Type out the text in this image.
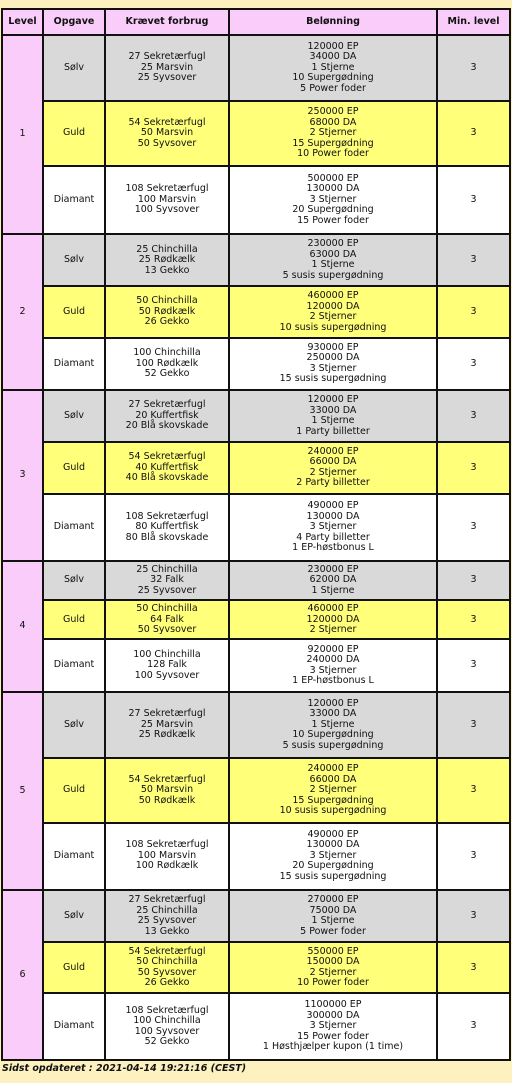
Level	Opgave	Krævet forbrug	Belønning	Min. level
1	Sølv	27 Sekretærfugl
25 Marsvin
25 Syvsover	120000 EP
34000 DA
1 Stjerne
10 Supergødning
5 Power foder	3
	Guld	54 Sekretærfugl
50 Marsvin
50 Syvsover	250000 EP
68000 DA
2 Stjerner
15 Supergødning
10 Power foder	3
	Diamant	108 Sekretærfugl
100 Marsvin
100 Syvsover	500000 EP
130000 DA
3 Stjerner
20 Supergødning
15 Power foder	3
2	Sølv	25 Chinchilla
25 Rødkælk
13 Gekko	230000 EP
63000 DA
1 Stjerne
5 susis supergødning	3
	Guld	50 Chinchilla
50 Rødkælk
26 Gekko	460000 EP
120000 DA
2 Stjerner
10 susis supergødning	3
	Diamant	100 Chinchilla
100 Rødkælk
52 Gekko	930000 EP
250000 DA
3 Stjerner
15 susis supergødning	3
3	Sølv	27 Sekretærfugl
20 Kuffertfisk
20 Blå skovskade	120000 EP
33000 DA
1 Stjerne
1 Party billetter	3
	Guld	54 Sekretærfugl
40 Kuffertfisk
40 Blå skovskade	240000 EP
66000 DA
2 Stjerner
2 Party billetter	3
	Diamant	108 Sekretærfugl
80 Kuffertfisk
80 Blå skovskade	490000 EP
130000 DA
3 Stjerner
4 Party billetter
1 EP-høstbonus L	3
4	Sølv	25 Chinchilla
32 Falk
25 Syvsover	230000 EP
62000 DA
1 Stjerne	3
	Guld	50 Chinchilla
64 Falk
50 Syvsover	460000 EP
120000 DA
2 Stjerner	3
	Diamant	100 Chinchilla
128 Falk
100 Syvsover	920000 EP
240000 DA
3 Stjerner
1 EP-høstbonus L	3
5	Sølv	27 Sekretærfugl
25 Marsvin
25 Rødkælk	120000 EP
33000 DA
1 Stjerne
10 Supergødning
5 susis supergødning	3
	Guld	54 Sekretærfugl
50 Marsvin
50 Rødkælk	240000 EP
66000 DA
2 Stjerner
15 Supergødning
10 susis supergødning	3
	Diamant	108 Sekretærfugl
100 Marsvin
100 Rødkælk	490000 EP
130000 DA
3 Stjerner
20 Supergødning
15 susis supergødning	3
6	Sølv	27 Sekretærfugl
25 Chinchilla
25 Syvsover
13 Gekko	270000 EP
75000 DA
1 Stjerne
5 Power foder	3
	Guld	54 Sekretærfugl
50 Chinchilla
50 Syvsover
26 Gekko	550000 EP
150000 DA
2 Stjerner
10 Power foder	3
	Diamant	108 Sekretærfugl
100 Chinchilla
100 Syvsover
52 Gekko	1100000 EP
300000 DA
3 Stjerner
15 Power foder
1 Høsthjælper kupon (1 time)	3
Sidst opdateret : 2021-04-14 19:21:16 (CEST)
